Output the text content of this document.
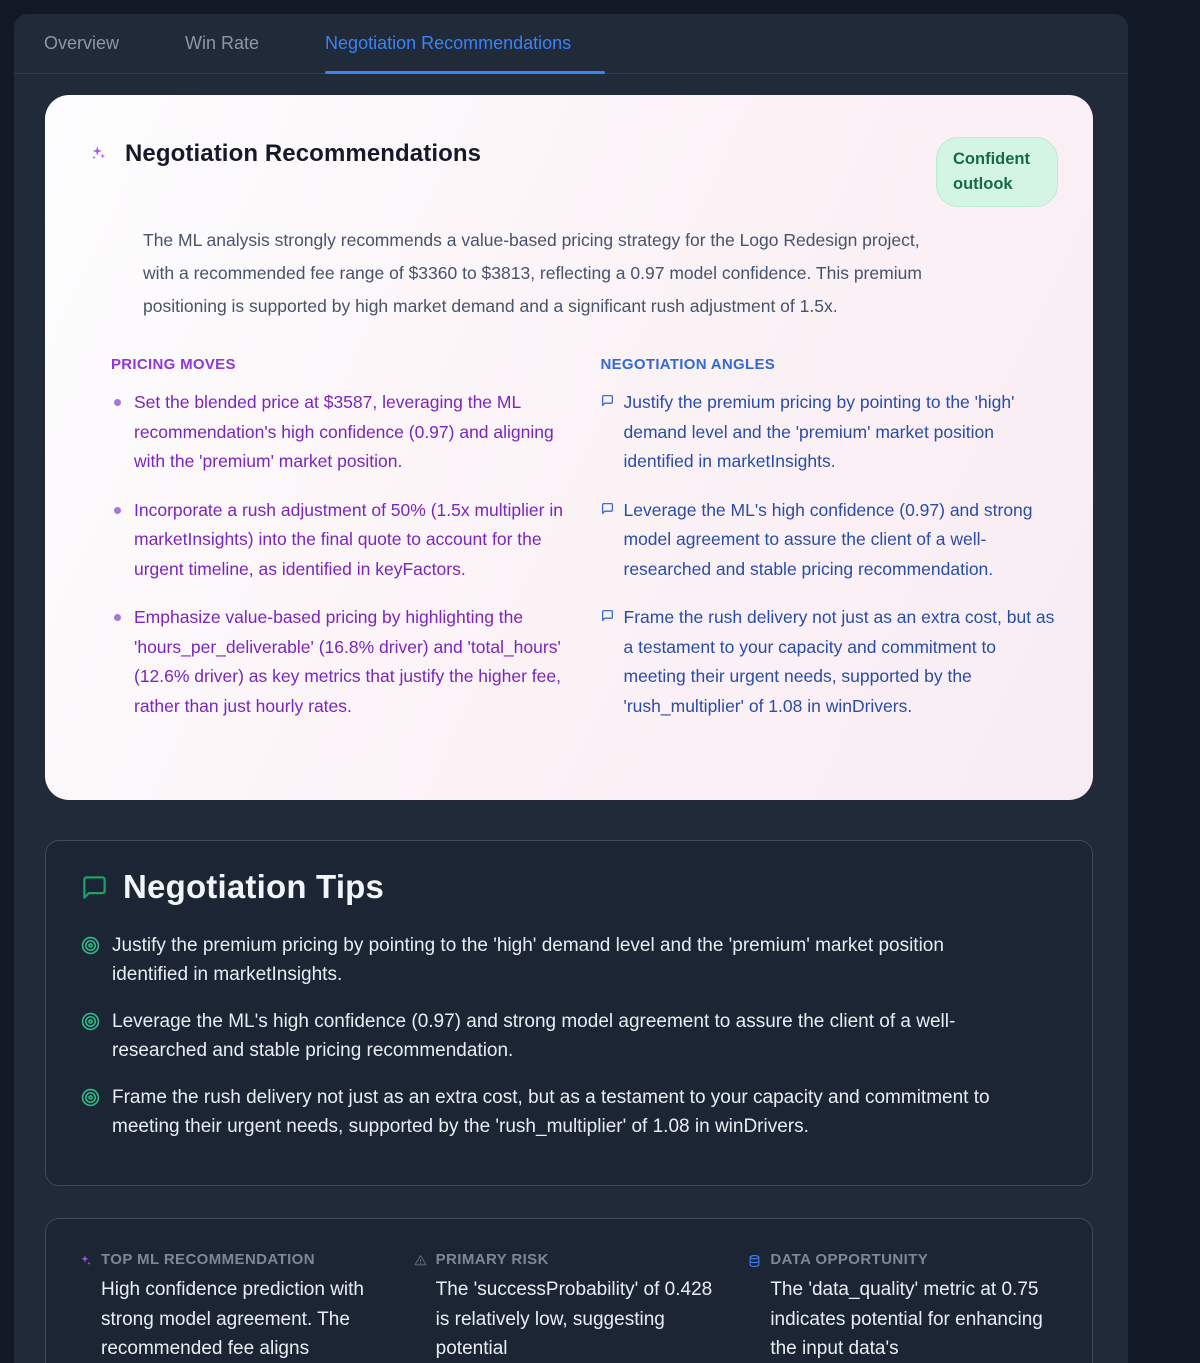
Overview	Win Rate	Negotiation Recommendations
Negotiation Recommendations	Confident outlook

The ML analysis strongly recommends a value-based pricing strategy for the Logo Redesign project, with a recommended fee range of $3360 to $3813, reflecting a 0.97 model confidence. This premium positioning is supported by high market demand and a significant rush adjustment of 1.5x.

PRICING MOVES
Set the blended price at $3587, leveraging the ML recommendation's high confidence (0.97) and aligning with the 'premium' market position.
Incorporate a rush adjustment of 50% (1.5x multiplier in marketInsights) into the final quote to account for the urgent timeline, as identified in keyFactors.
Emphasize value-based pricing by highlighting the 'hours_per_deliverable' (16.8% driver) and 'total_hours' (12.6% driver) as key metrics that justify the higher fee, rather than just hourly rates.
NEGOTIATION ANGLES
Justify the premium pricing by pointing to the 'high' demand level and the 'premium' market position identified in marketInsights.
Leverage the ML's high confidence (0.97) and strong model agreement to assure the client of a well-researched and stable pricing recommendation.
Frame the rush delivery not just as an extra cost, but as a testament to your capacity and commitment to meeting their urgent needs, supported by the 'rush_multiplier' of 1.08 in winDrivers.
Negotiation Tips
Justify the premium pricing by pointing to the 'high' demand level and the 'premium' market position identified in marketInsights.
Leverage the ML's high confidence (0.97) and strong model agreement to assure the client of a well-researched and stable pricing recommendation.
Frame the rush delivery not just as an extra cost, but as a testament to your capacity and commitment to meeting their urgent needs, supported by the 'rush_multiplier' of 1.08 in winDrivers.
TOP ML RECOMMENDATION
High confidence prediction with strong model agreement. The recommended fee aligns
PRIMARY RISK
The 'successProbability' of 0.428 is relatively low, suggesting potential
DATA OPPORTUNITY
The 'data_quality' metric at 0.75 indicates potential for enhancing the input data's
